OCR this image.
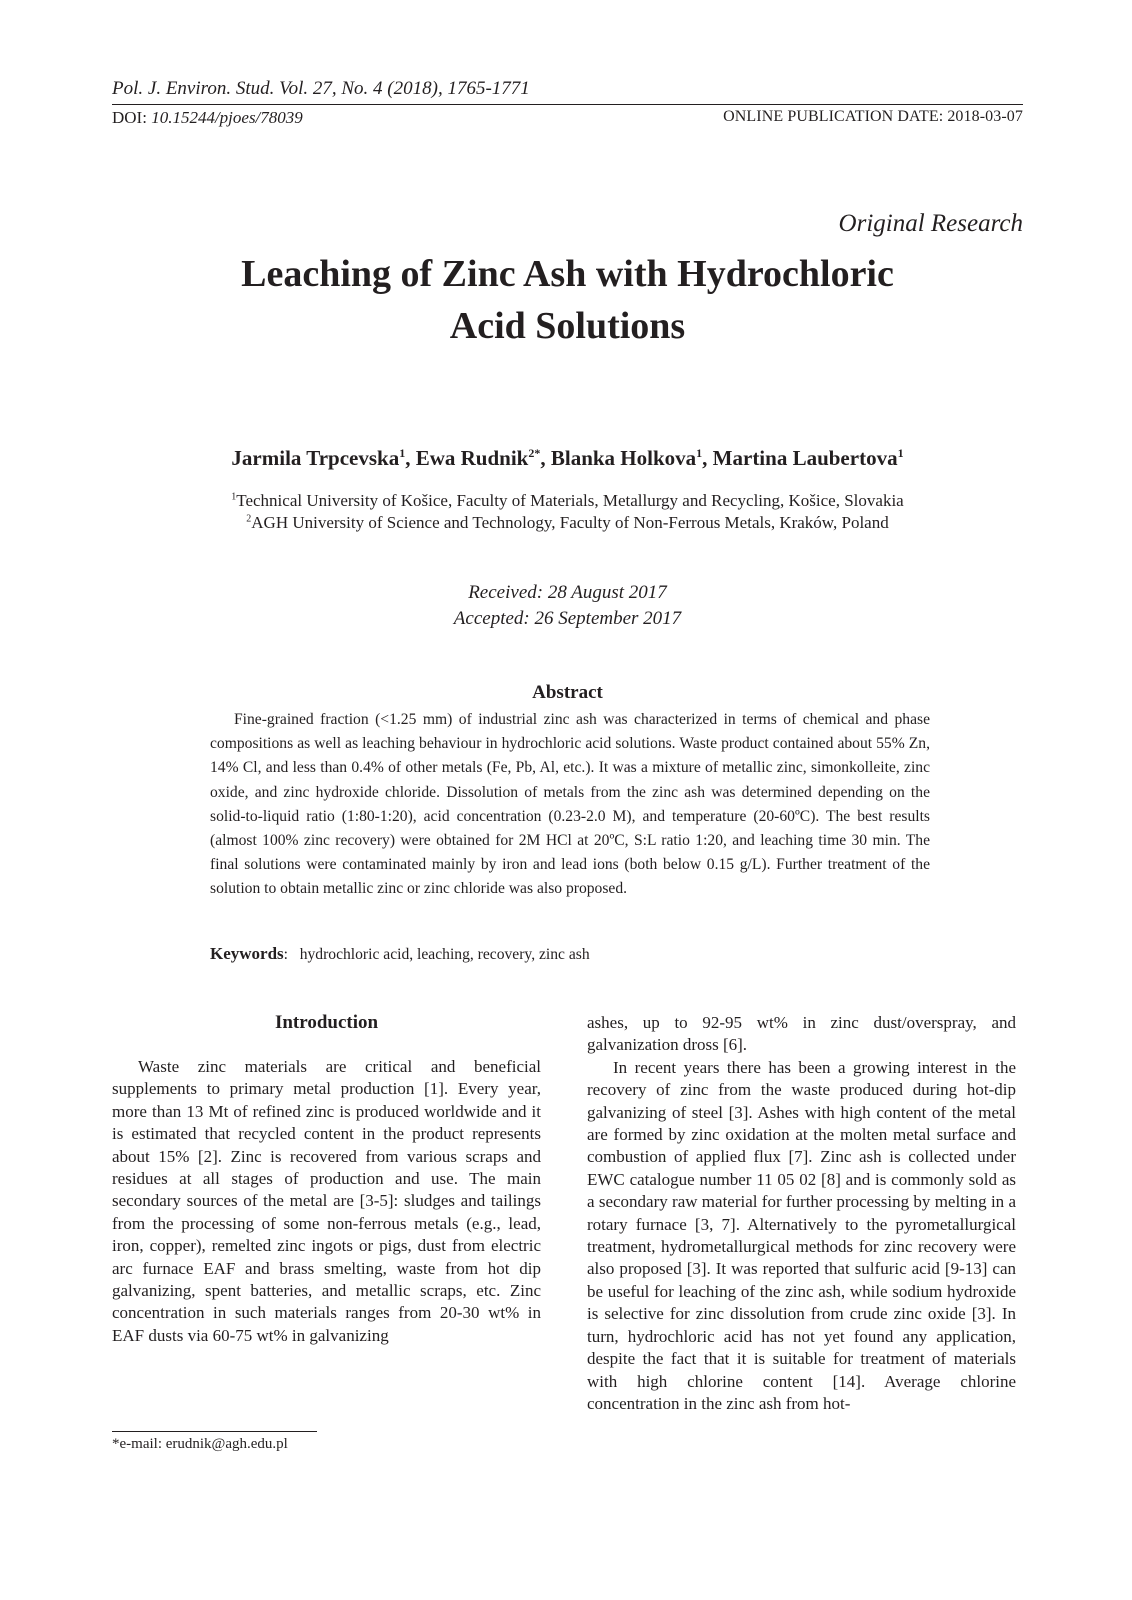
Pol. J. Environ. Stud. Vol. 27, No. 4 (2018), 1765-1771
DOI: 10.15244/pjoes/78039	ONLINE PUBLICATION DATE: 2018-03-07
Original Research
Leaching of Zinc Ash with Hydrochloric
Acid Solutions
Jarmila Trpcevska$^1$, Ewa Rudnik$^{2*}$, Blanka Holkova$^1$, Martina Laubertova$^1$
$^1$Technical University of Košice, Faculty of Materials, Metallurgy and Recycling, Košice, Slovakia
$^2$AGH University of Science and Technology, Faculty of Non-Ferrous Metals, Kraków, Poland
Received: 28 August 2017
Accepted: 26 September 2017
Abstract

Fine-grained fraction (<1.25 mm) of industrial zinc ash was characterized in terms of chemical and phase compositions as well as leaching behaviour in hydrochloric acid solutions. Waste product contained about 55% Zn, 14% Cl, and less than 0.4% of other metals (Fe, Pb, Al, etc.). It was a mixture of metallic zinc, simonkolleite, zinc oxide, and zinc hydroxide chloride. Dissolution of metals from the zinc ash was determined depending on the solid-to-liquid ratio (1:80-1:20), acid concentration (0.23-2.0 M), and temperature (20-60ºC). The best results (almost 100% zinc recovery) were obtained for 2M HCl at 20ºC, S:L ratio 1:20, and leaching time 30 min. The final solutions were contaminated mainly by iron and lead ions (both below 0.15 g/L). Further treatment of the solution to obtain metallic zinc or zinc chloride was also proposed.

Keywords:   hydrochloric acid, leaching, recovery, zinc ash
Introduction

Waste zinc materials are critical and beneficial supplements to primary metal production [1]. Every year, more than 13 Mt of refined zinc is produced worldwide and it is estimated that recycled content in the product represents about 15% [2]. Zinc is recovered from various scraps and residues at all stages of production and use. The main secondary sources of the metal are [3-5]: sludges and tailings from the processing of some non-ferrous metals (e.g., lead, iron, copper), remelted zinc ingots or pigs, dust from electric arc furnace EAF and brass smelting, waste from hot dip galvanizing, spent batteries, and metallic scraps, etc. Zinc concentration in such materials ranges from 20-30 wt% in EAF dusts via 60-75 wt% in galvanizing

ashes, up to 92-95 wt% in zinc dust/overspray, and galvanization dross [6].

In recent years there has been a growing interest in the recovery of zinc from the waste produced during hot-dip galvanizing of steel [3]. Ashes with high content of the metal are formed by zinc oxidation at the molten metal surface and combustion of applied flux [7]. Zinc ash is collected under EWC catalogue number 11 05 02 [8] and is commonly sold as a secondary raw material for further processing by melting in a rotary furnace [3, 7]. Alternatively to the pyrometallurgical treatment, hydrometallurgical methods for zinc recovery were also proposed [3]. It was reported that sulfuric acid [9-13] can be useful for leaching of the zinc ash, while sodium hydroxide is selective for zinc dissolution from crude zinc oxide [3]. In turn, hydrochloric acid has not yet found any application, despite the fact that it is suitable for treatment of materials with high chlorine content [14]. Average chlorine concentration in the zinc ash from hot-

*e-mail: erudnik@agh.edu.pl
